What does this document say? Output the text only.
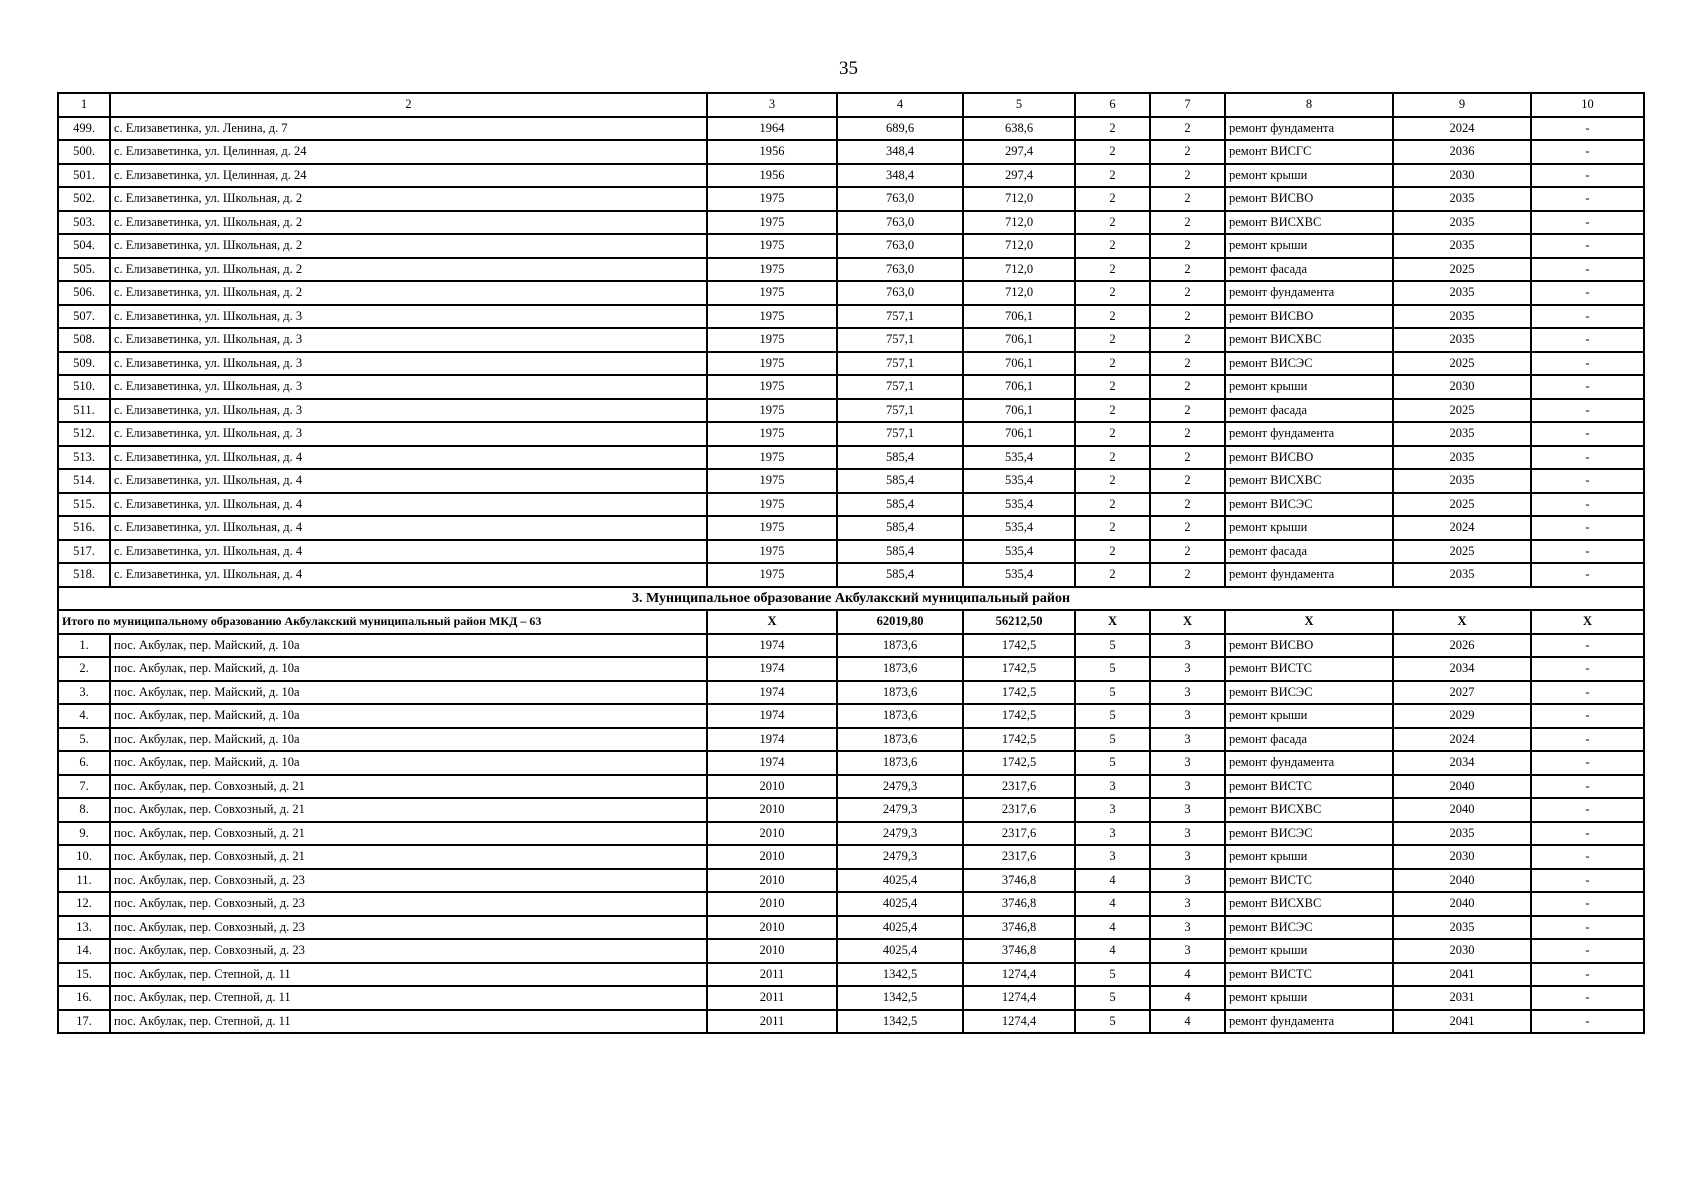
35
1	2	3	4	5	6	7	8	9	10
499.	с. Елизаветинка, ул. Ленина, д. 7	1964	689,6	638,6	2	2	ремонт фундамента	2024	-
500.	с. Елизаветинка, ул. Целинная, д. 24	1956	348,4	297,4	2	2	ремонт ВИСГС	2036	-
501.	с. Елизаветинка, ул. Целинная, д. 24	1956	348,4	297,4	2	2	ремонт крыши	2030	-
502.	с. Елизаветинка, ул. Школьная, д. 2	1975	763,0	712,0	2	2	ремонт ВИСВО	2035	-
503.	с. Елизаветинка, ул. Школьная, д. 2	1975	763,0	712,0	2	2	ремонт ВИСХВС	2035	-
504.	с. Елизаветинка, ул. Школьная, д. 2	1975	763,0	712,0	2	2	ремонт крыши	2035	-
505.	с. Елизаветинка, ул. Школьная, д. 2	1975	763,0	712,0	2	2	ремонт фасада	2025	-
506.	с. Елизаветинка, ул. Школьная, д. 2	1975	763,0	712,0	2	2	ремонт фундамента	2035	-
507.	с. Елизаветинка, ул. Школьная, д. 3	1975	757,1	706,1	2	2	ремонт ВИСВО	2035	-
508.	с. Елизаветинка, ул. Школьная, д. 3	1975	757,1	706,1	2	2	ремонт ВИСХВС	2035	-
509.	с. Елизаветинка, ул. Школьная, д. 3	1975	757,1	706,1	2	2	ремонт ВИСЭС	2025	-
510.	с. Елизаветинка, ул. Школьная, д. 3	1975	757,1	706,1	2	2	ремонт крыши	2030	-
511.	с. Елизаветинка, ул. Школьная, д. 3	1975	757,1	706,1	2	2	ремонт фасада	2025	-
512.	с. Елизаветинка, ул. Школьная, д. 3	1975	757,1	706,1	2	2	ремонт фундамента	2035	-
513.	с. Елизаветинка, ул. Школьная, д. 4	1975	585,4	535,4	2	2	ремонт ВИСВО	2035	-
514.	с. Елизаветинка, ул. Школьная, д. 4	1975	585,4	535,4	2	2	ремонт ВИСХВС	2035	-
515.	с. Елизаветинка, ул. Школьная, д. 4	1975	585,4	535,4	2	2	ремонт ВИСЭС	2025	-
516.	с. Елизаветинка, ул. Школьная, д. 4	1975	585,4	535,4	2	2	ремонт крыши	2024	-
517.	с. Елизаветинка, ул. Школьная, д. 4	1975	585,4	535,4	2	2	ремонт фасада	2025	-
518.	с. Елизаветинка, ул. Школьная, д. 4	1975	585,4	535,4	2	2	ремонт фундамента	2035	-
3. Муниципальное образование Акбулакский муниципальный район									
Итого по муниципальному образованию Акбулакский муниципальный район МКД – 63		Х	62019,80	56212,50	Х	Х	Х	Х	Х
1.	пос. Акбулак, пер. Майский, д. 10а	1974	1873,6	1742,5	5	3	ремонт ВИСВО	2026	-
2.	пос. Акбулак, пер. Майский, д. 10а	1974	1873,6	1742,5	5	3	ремонт ВИСТС	2034	-
3.	пос. Акбулак, пер. Майский, д. 10а	1974	1873,6	1742,5	5	3	ремонт ВИСЭС	2027	-
4.	пос. Акбулак, пер. Майский, д. 10а	1974	1873,6	1742,5	5	3	ремонт крыши	2029	-
5.	пос. Акбулак, пер. Майский, д. 10а	1974	1873,6	1742,5	5	3	ремонт фасада	2024	-
6.	пос. Акбулак, пер. Майский, д. 10а	1974	1873,6	1742,5	5	3	ремонт фундамента	2034	-
7.	пос. Акбулак, пер. Совхозный, д. 21	2010	2479,3	2317,6	3	3	ремонт ВИСТС	2040	-
8.	пос. Акбулак, пер. Совхозный, д. 21	2010	2479,3	2317,6	3	3	ремонт ВИСХВС	2040	-
9.	пос. Акбулак, пер. Совхозный, д. 21	2010	2479,3	2317,6	3	3	ремонт ВИСЭС	2035	-
10.	пос. Акбулак, пер. Совхозный, д. 21	2010	2479,3	2317,6	3	3	ремонт крыши	2030	-
11.	пос. Акбулак, пер. Совхозный, д. 23	2010	4025,4	3746,8	4	3	ремонт ВИСТС	2040	-
12.	пос. Акбулак, пер. Совхозный, д. 23	2010	4025,4	3746,8	4	3	ремонт ВИСХВС	2040	-
13.	пос. Акбулак, пер. Совхозный, д. 23	2010	4025,4	3746,8	4	3	ремонт ВИСЭС	2035	-
14.	пос. Акбулак, пер. Совхозный, д. 23	2010	4025,4	3746,8	4	3	ремонт крыши	2030	-
15.	пос. Акбулак, пер. Степной, д. 11	2011	1342,5	1274,4	5	4	ремонт ВИСТС	2041	-
16.	пос. Акбулак, пер. Степной, д. 11	2011	1342,5	1274,4	5	4	ремонт крыши	2031	-
17.	пос. Акбулак, пер. Степной, д. 11	2011	1342,5	1274,4	5	4	ремонт фундамента	2041	-
